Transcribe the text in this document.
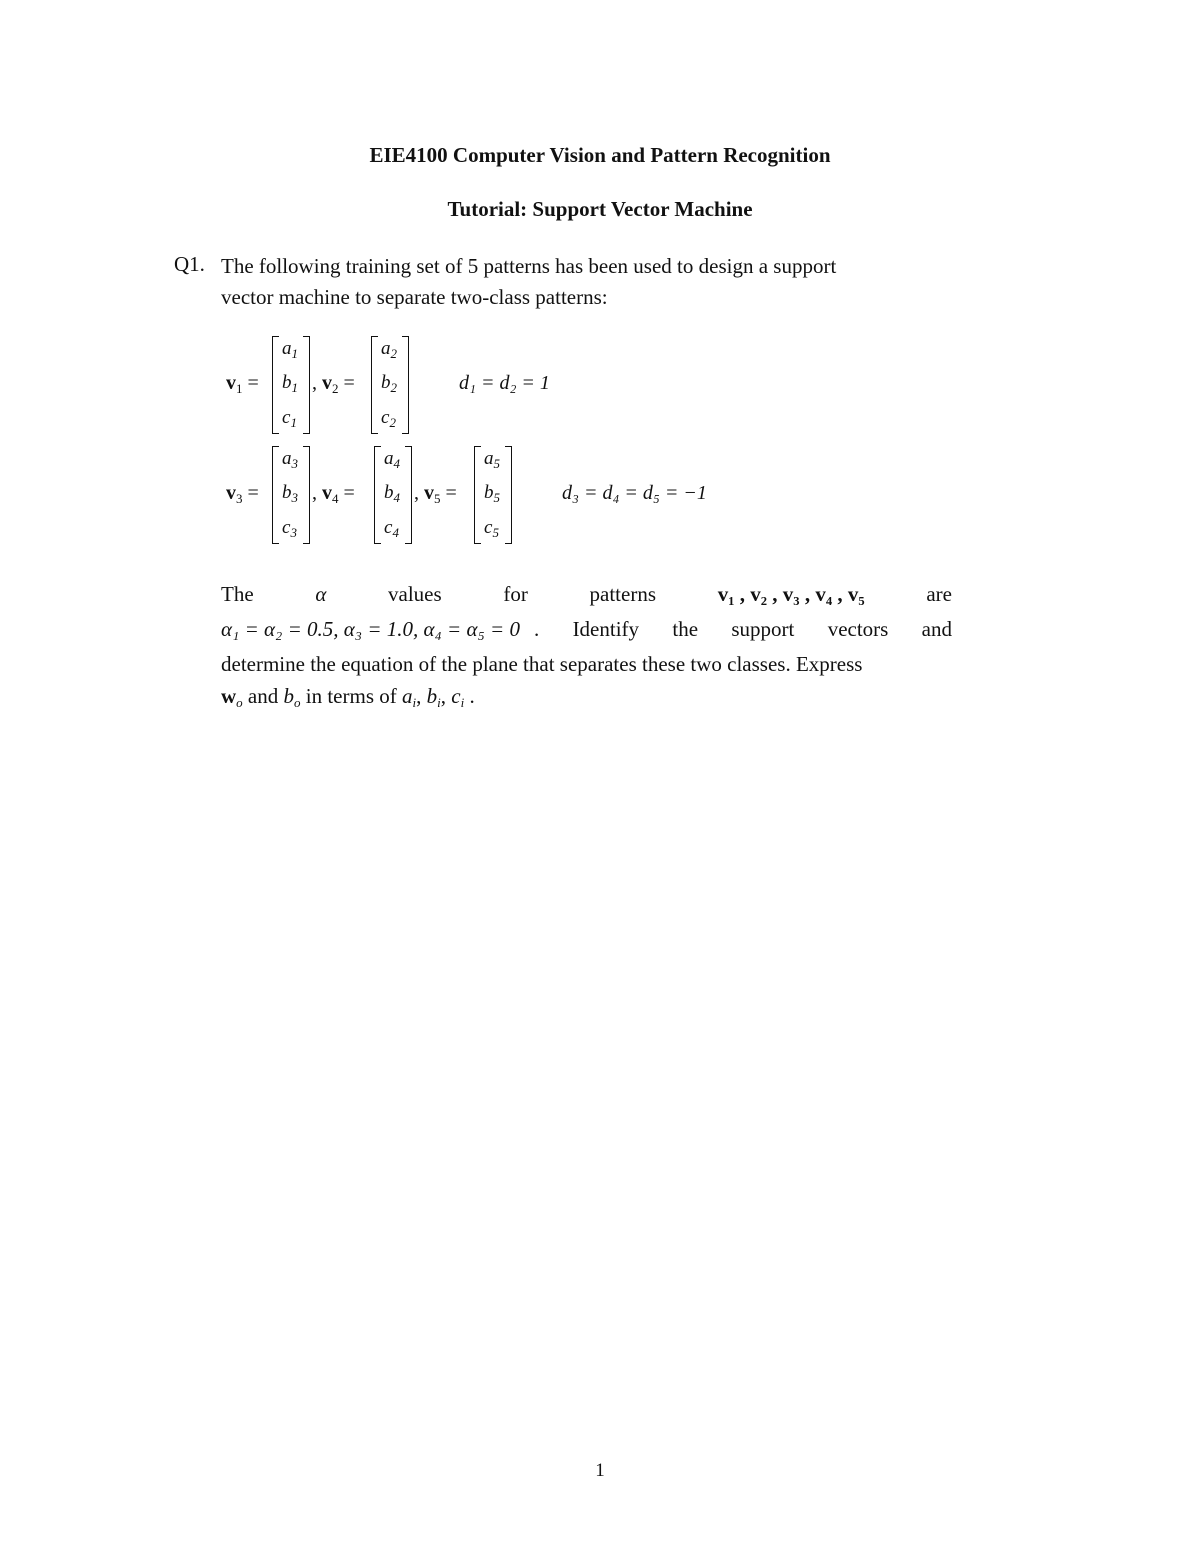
EIE4100 Computer Vision and Pattern Recognition
Tutorial: Support Vector Machine
Q1. The following training set of 5 patterns has been used to design a support
vector machine to separate two-class patterns:
$v_1$ =
$a_1$
$b_1$
$c_1$
, $v_2$ =
$a_2$
$b_2$
$c_2$
d₁ = d₂ = 1
$v_3$ =
$a_3$
$b_3$
$c_3$
, $v_4$ =
$a_4$
$b_4$
$c_4$
, $v_5$ =
$a_5$
$b_5$
$c_5$
d₃ = d₄ = d₅ = −1
The	α	values	for	patterns	v₁ , v₂ , v₃ , v₄ , v₅	are
α₁ = α₂ = 0.5, α₃ = 1.0, α₄ = α₅ = 0 . Identify the support vectors and
determine the equation of the plane that separates these two classes. Express
$w_o$ and $b_o$ in terms of $a_i$, $b_i$, $c_i$ .
1
